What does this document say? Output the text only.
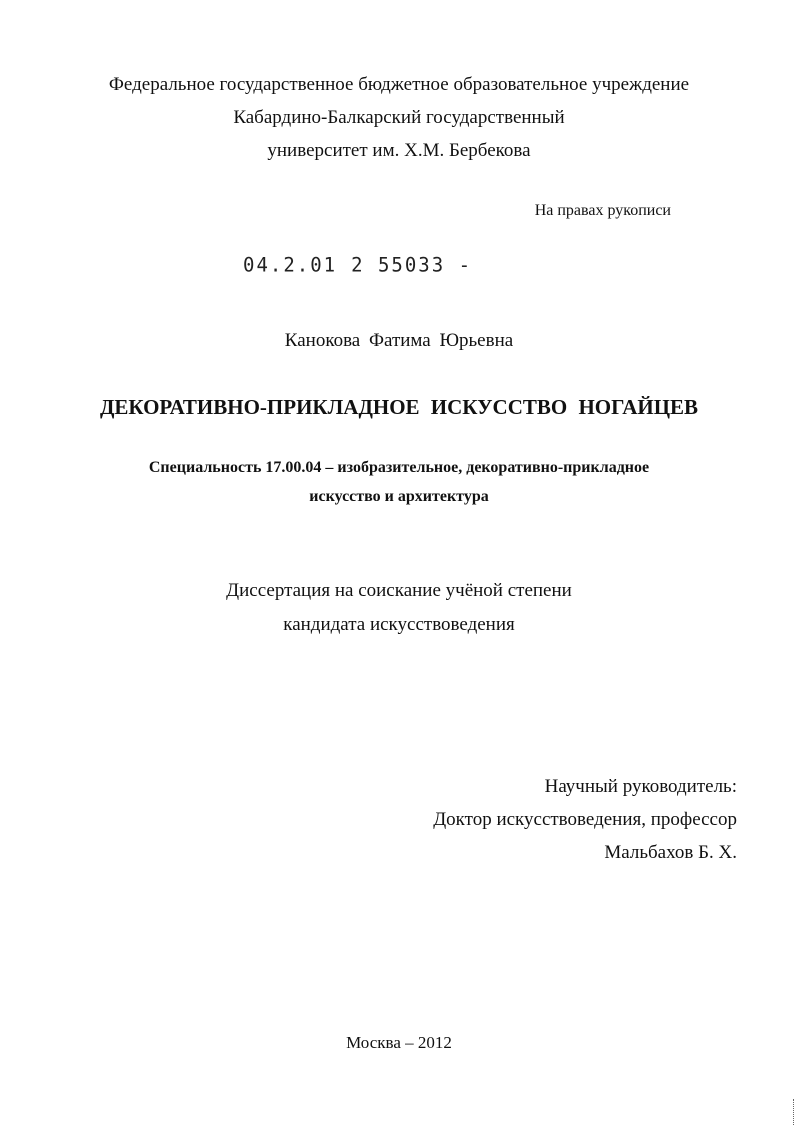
Федеральное государственное бюджетное образовательное учреждение
Кабардино-Балкарский государственный
университет им. Х.М. Бербекова
На правах рукописи
04.2.01 2 55033 -
Канокова Фатима Юрьевна
ДЕКОРАТИВНО-ПРИКЛАДНОЕ ИСКУССТВО НОГАЙЦЕВ
Специальность 17.00.04 – изобразительное, декоративно-прикладное
искусство и архитектура
Диссертация на соискание учёной степени
кандидата искусствоведения
Научный руководитель:
Доктор искусствоведения, профессор
Мальбахов Б. Х.
Москва – 2012
